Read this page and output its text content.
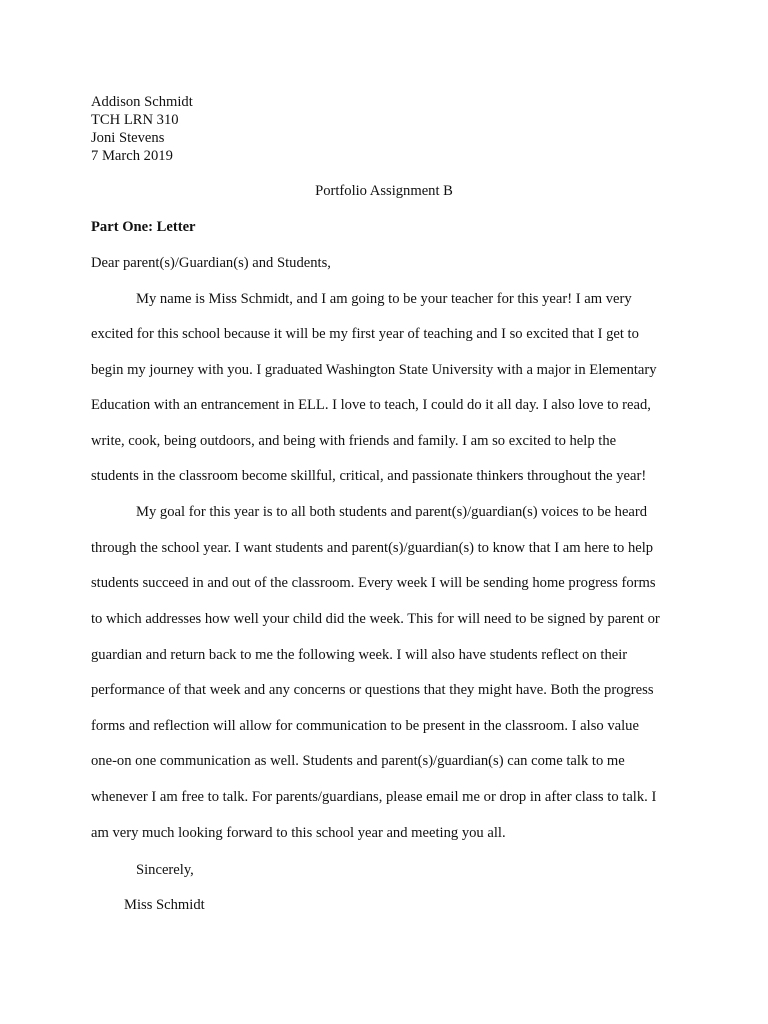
Addison Schmidt
TCH LRN 310
Joni Stevens
7 March 2019
Portfolio Assignment B
Part One: Letter
Dear parent(s)/Guardian(s) and Students,
My name is Miss Schmidt, and I am going to be your teacher for this year! I am very
excited for this school because it will be my first year of teaching and I so excited that I get to
begin my journey with you. I graduated Washington State University with a major in Elementary
Education with an entrancement in ELL. I love to teach, I could do it all day. I also love to read,
write, cook, being outdoors, and being with friends and family. I am so excited to help the
students in the classroom become skillful, critical, and passionate thinkers throughout the year!
My goal for this year is to all both students and parent(s)/guardian(s) voices to be heard
through the school year. I want students and parent(s)/guardian(s) to know that I am here to help
students succeed in and out of the classroom. Every week I will be sending home progress forms
to which addresses how well your child did the week. This for will need to be signed by parent or
guardian and return back to me the following week. I will also have students reflect on their
performance of that week and any concerns or questions that they might have. Both the progress
forms and reflection will allow for communication to be present in the classroom. I also value
one-on one communication as well. Students and parent(s)/guardian(s) can come talk to me
whenever I am free to talk. For parents/guardians, please email me or drop in after class to talk. I
am very much looking forward to this school year and meeting you all.
Sincerely,
Miss Schmidt
